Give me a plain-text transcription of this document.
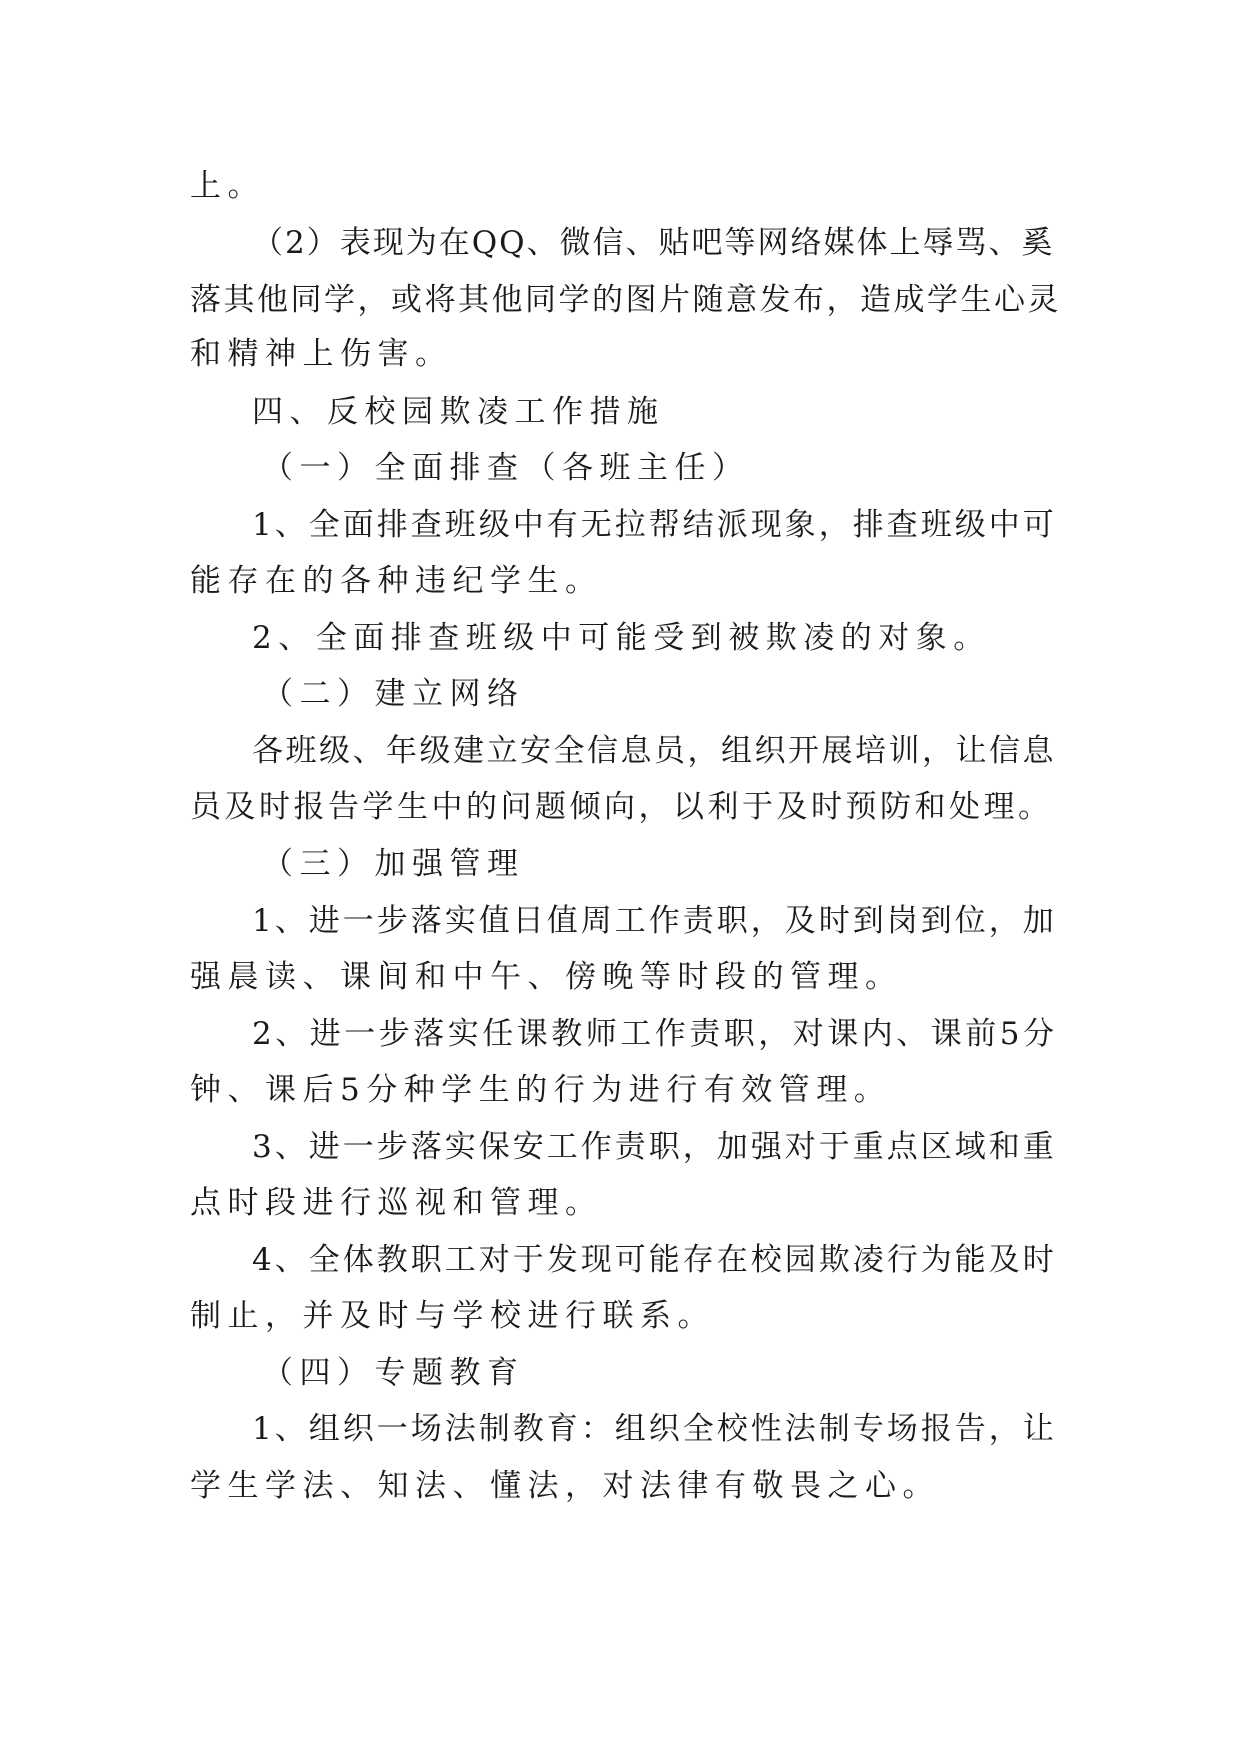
上。

（2）表现为在QQ、微信、贴吧等网络媒体上辱骂、奚

落其他同学，或将其他同学的图片随意发布，造成学生心灵

和精神上伤害。

四、反校园欺凌工作措施

（一）全面排查（各班主任）

1、全面排查班级中有无拉帮结派现象，排查班级中可

能存在的各种违纪学生。

2、全面排查班级中可能受到被欺凌的对象。

（二）建立网络

各班级、年级建立安全信息员，组织开展培训，让信息

员及时报告学生中的问题倾向，以利于及时预防和处理。

（三）加强管理

1、进一步落实值日值周工作责职，及时到岗到位，加

强晨读、课间和中午、傍晚等时段的管理。

2、进一步落实任课教师工作责职，对课内、课前5分

钟、课后5分种学生的行为进行有效管理。

3、进一步落实保安工作责职，加强对于重点区域和重

点时段进行巡视和管理。

4、全体教职工对于发现可能存在校园欺凌行为能及时

制止，并及时与学校进行联系。

（四）专题教育

1、组织一场法制教育：组织全校性法制专场报告，让

学生学法、知法、懂法，对法律有敬畏之心。
